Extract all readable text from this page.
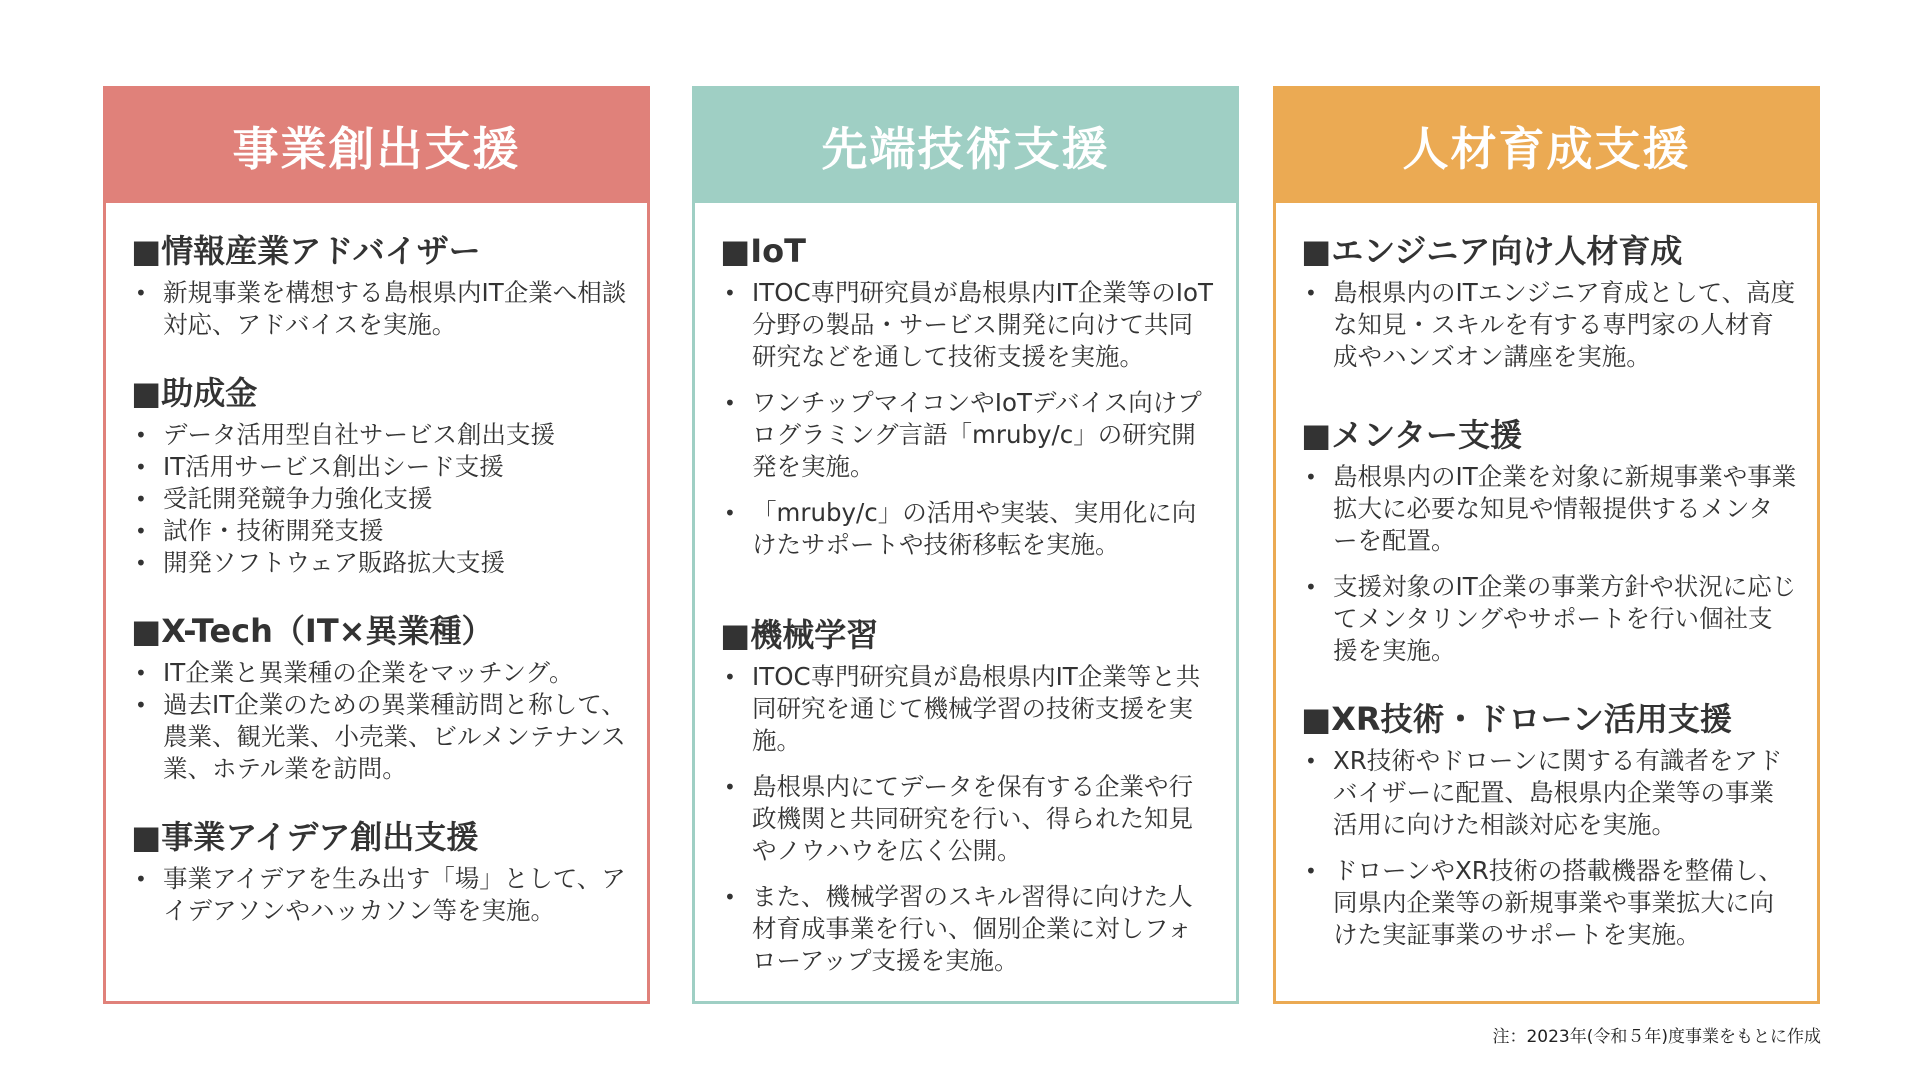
事業創出支援
■情報産業アドバイザー
• 新規事業を構想する島根県内IT企業へ相談対応、アドバイスを実施。
■助成金
• データ活用型自社サービス創出支援
• IT活用サービス創出シード支援
• 受託開発競争力強化支援
• 試作・技術開発支援
• 開発ソフトウェア販路拡大支援
■X-Tech（IT×異業種）
• IT企業と異業種の企業をマッチング。
• 過去IT企業のための異業種訪問と称して、農業、観光業、小売業、ビルメンテナンス業、ホテル業を訪問。
■事業アイデア創出支援
• 事業アイデアを生み出す「場」として、アイデアソンやハッカソン等を実施。
先端技術支援
■IoT
• ITOC専門研究員が島根県内IT企業等のIoT分野の製品・サービス開発に向けて共同研究などを通して技術支援を実施。
• ワンチップマイコンやIoTデバイス向けプログラミング言語「mruby/c」の研究開発を実施。
• 「mruby/c」の活用や実装、実用化に向けたサポートや技術移転を実施。
■機械学習
• ITOC専門研究員が島根県内IT企業等と共同研究を通じて機械学習の技術支援を実施。
• 島根県内にてデータを保有する企業や行政機関と共同研究を行い、得られた知見やノウハウを広く公開。
• また、機械学習のスキル習得に向けた人材育成事業を行い、個別企業に対しフォローアップ支援を実施。
人材育成支援
■エンジニア向け人材育成
• 島根県内のITエンジニア育成として、高度な知見・スキルを有する専門家の人材育成やハンズオン講座を実施。
■メンター支援
• 島根県内のIT企業を対象に新規事業や事業拡大に必要な知見や情報提供するメンターを配置。
• 支援対象のIT企業の事業方針や状況に応じてメンタリングやサポートを行い個社支援を実施。
■XR技術・ドローン活用支援
• XR技術やドローンに関する有識者をアドバイザーに配置、島根県内企業等の事業活用に向けた相談対応を実施。
• ドローンやXR技術の搭載機器を整備し、同県内企業等の新規事業や事業拡大に向けた実証事業のサポートを実施。
注：2023年(令和５年)度事業をもとに作成
